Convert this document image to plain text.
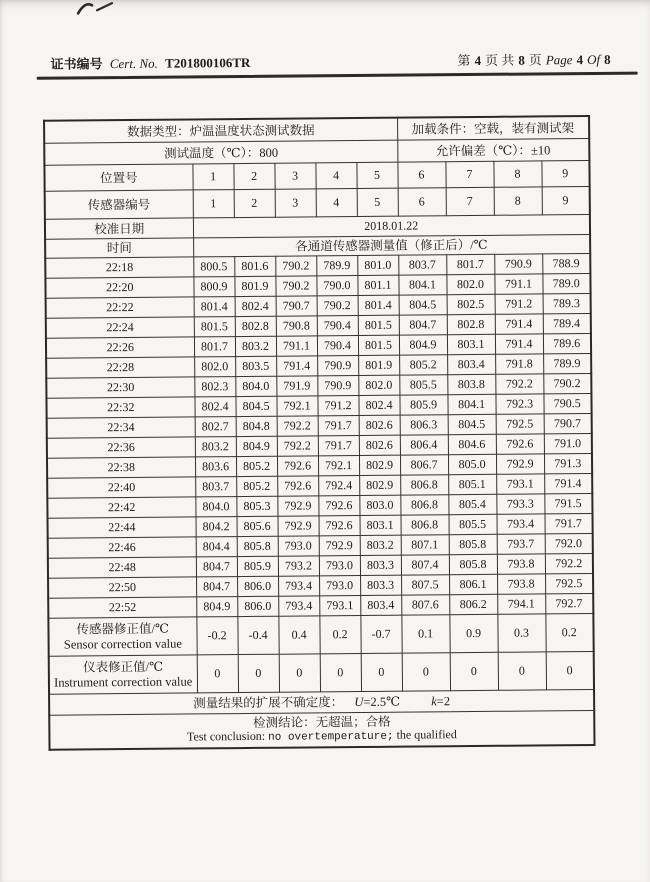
证书编号 Cert. No. T201800106TR	第 4 页 共 8 页 Page 4 Of 8
数据类型：炉温温度状态测试数据						加载条件：空载，装有测试架			
测试温度（℃）：800						允许偏差（℃）：±10			
位置号	1	2	3	4	5	6	7	8	9
传感器编号	1	2	3	4	5	6	7	8	9
校准日期	2018.01.22								
时间	各通道传感器测量值（修正后）/℃								
22:18	800.5	801.6	790.2	789.9	801.0	803.7	801.7	790.9	788.9
22:20	800.9	801.9	790.2	790.0	801.1	804.1	802.0	791.1	789.0
22:22	801.4	802.4	790.7	790.2	801.4	804.5	802.5	791.2	789.3
22:24	801.5	802.8	790.8	790.4	801.5	804.7	802.8	791.4	789.4
22:26	801.7	803.2	791.1	790.4	801.5	804.9	803.1	791.4	789.6
22:28	802.0	803.5	791.4	790.9	801.9	805.2	803.4	791.8	789.9
22:30	802.3	804.0	791.9	790.9	802.0	805.5	803.8	792.2	790.2
22:32	802.4	804.5	792.1	791.2	802.4	805.9	804.1	792.3	790.5
22:34	802.7	804.8	792.2	791.7	802.6	806.3	804.5	792.5	790.7
22:36	803.2	804.9	792.2	791.7	802.6	806.4	804.6	792.6	791.0
22:38	803.6	805.2	792.6	792.1	802.9	806.7	805.0	792.9	791.3
22:40	803.7	805.2	792.6	792.4	802.9	806.8	805.1	793.1	791.4
22:42	804.0	805.3	792.9	792.6	803.0	806.8	805.4	793.3	791.5
22:44	804.2	805.6	792.9	792.6	803.1	806.8	805.5	793.4	791.7
22:46	804.4	805.8	793.0	792.9	803.2	807.1	805.8	793.7	792.0
22:48	804.7	805.9	793.2	793.0	803.3	807.4	805.8	793.8	792.2
22:50	804.7	806.0	793.4	793.0	803.3	807.5	806.1	793.8	792.5
22:52	804.9	806.0	793.4	793.1	803.4	807.6	806.2	794.1	792.7

传感器修正值/℃
Sensor correction value	-0.2	-0.4	0.4	0.2	-0.7	0.1	0.9	0.3	0.2

仪表修正值/℃
Instrument correction value	0	0	0	0	0	0	0	0	0
测量结果的扩展不确定度： U=2.5℃ k=2									

检测结论：无超温；合格
Test conclusion: no overtemperature; the qualified									
